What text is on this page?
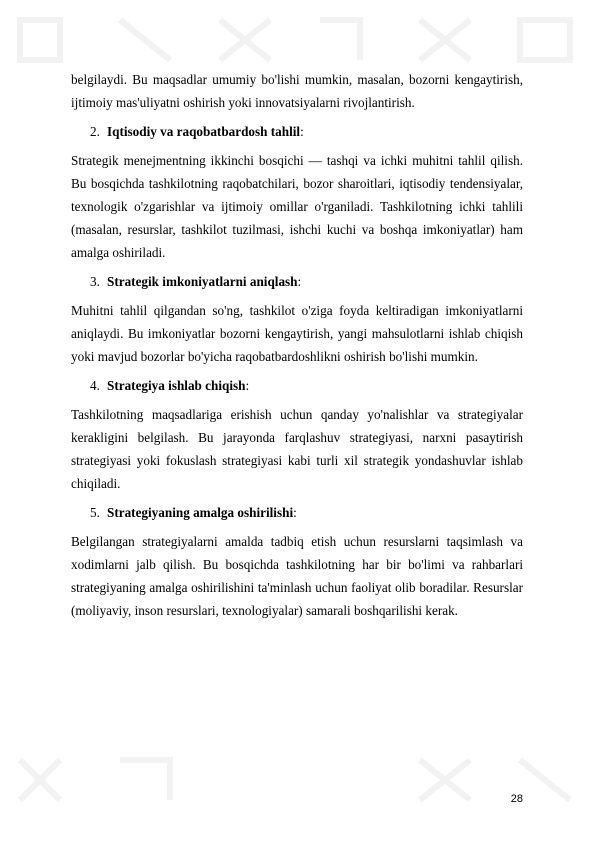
belgilaydi. Bu maqsadlar umumiy bo'lishi mumkin, masalan, bozorni kengaytirish, ijtimoiy mas'uliyatni oshirish yoki innovatsiyalarni rivojlantirish.

2. Iqtisodiy va raqobatbardosh tahlil:

Strategik menejmentning ikkinchi bosqichi — tashqi va ichki muhitni tahlil qilish. Bu bosqichda tashkilotning raqobatchilari, bozor sharoitlari, iqtisodiy tendensiyalar, texnologik o'zgarishlar va ijtimoiy omillar o'rganiladi. Tashkilotning ichki tahlili (masalan, resurslar, tashkilot tuzilmasi, ishchi kuchi va boshqa imkoniyatlar) ham amalga oshiriladi.

3. Strategik imkoniyatlarni aniqlash:

Muhitni tahlil qilgandan so'ng, tashkilot o'ziga foyda keltiradigan imkoniyatlarni aniqlaydi. Bu imkoniyatlar bozorni kengaytirish, yangi mahsulotlarni ishlab chiqish yoki mavjud bozorlar bo'yicha raqobatbardoshlikni oshirish bo'lishi mumkin.

4. Strategiya ishlab chiqish:

Tashkilotning maqsadlariga erishish uchun qanday yo'nalishlar va strategiyalar kerakligini belgilash. Bu jarayonda farqlashuv strategiyasi, narxni pasaytirish strategiyasi yoki fokuslash strategiyasi kabi turli xil strategik yondashuvlar ishlab chiqiladi.

5. Strategiyaning amalga oshirilishi:

Belgilangan strategiyalarni amalda tadbiq etish uchun resurslarni taqsimlash va xodimlarni jalb qilish. Bu bosqichda tashkilotning har bir bo'limi va rahbarlari strategiyaning amalga oshirilishini ta'minlash uchun faoliyat olib boradilar. Resurslar (moliyaviy, inson resurslari, texnologiyalar) samarali boshqarilishi kerak.

28
